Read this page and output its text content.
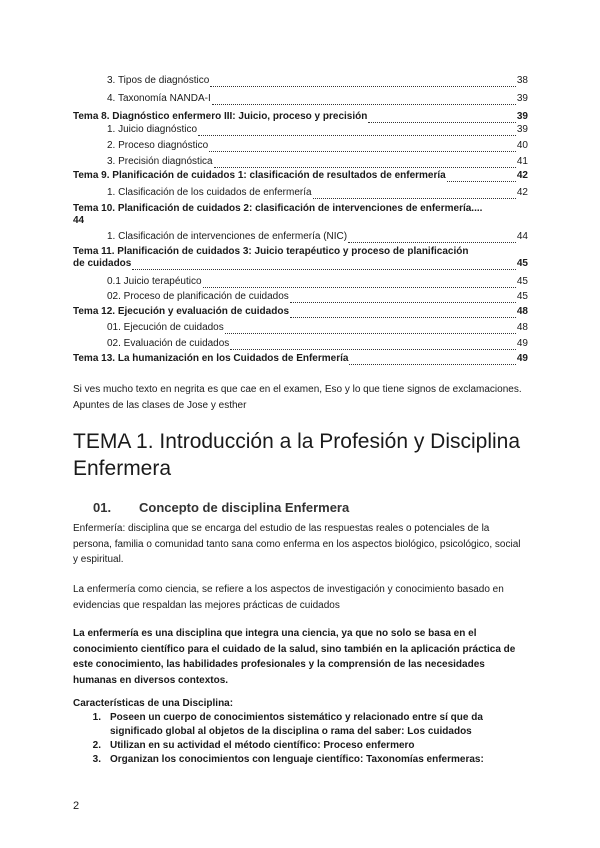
3. Tipos de diagnóstico	38
4. Taxonomía NANDA-I	39
Tema 8. Diagnóstico enfermero III: Juicio, proceso y precisión	39
1. Juicio diagnóstico	39
2. Proceso diagnóstico	40
3. Precisión diagnóstica	41
Tema 9. Planificación de cuidados 1: clasificación de resultados de enfermería	42
1. Clasificación de los cuidados de enfermería	42
Tema 10. Planificación de cuidados 2: clasificación de intervenciones de enfermería....
44
1. Clasificación de intervenciones de enfermería (NIC)	44
Tema 11. Planificación de cuidados 3: Juicio terapéutico y proceso de planificación
de cuidados	45
0.1 Juicio terapéutico	45
02. Proceso de planificación de cuidados	45
Tema 12. Ejecución y evaluación de cuidados	48
01. Ejecución de cuidados	48
02. Evaluación de cuidados	49
Tema 13. La humanización en los Cuidados de Enfermería	49
Si ves mucho texto en negrita es que cae en el examen, Eso y lo que tiene signos de exclamaciones. Apuntes de las clases de Jose y esther
TEMA 1. Introducción a la Profesión y Disciplina Enfermera
01. Concepto de disciplina Enfermera
Enfermería: disciplina que se encarga del estudio de las respuestas reales o potenciales de la persona, familia o comunidad tanto sana como enferma en los aspectos biológico, psicológico, social y espiritual.
La enfermería como ciencia, se refiere a los aspectos de investigación y conocimiento basado en evidencias que respaldan las mejores prácticas de cuidados
La enfermería es una disciplina que integra una ciencia, ya que no solo se basa en el conocimiento científico para el cuidado de la salud, sino también en la aplicación práctica de este conocimiento, las habilidades profesionales y la comprensión de las necesidades humanas en diversos contextos.
Características de una Disciplina:
1. Poseen un cuerpo de conocimientos sistemático y relacionado entre sí que da significado global al objetos de la disciplina o rama del saber: Los cuidados
2. Utilizan en su actividad el método científico: Proceso enfermero
3. Organizan los conocimientos con lenguaje científico: Taxonomías enfermeras:
2
